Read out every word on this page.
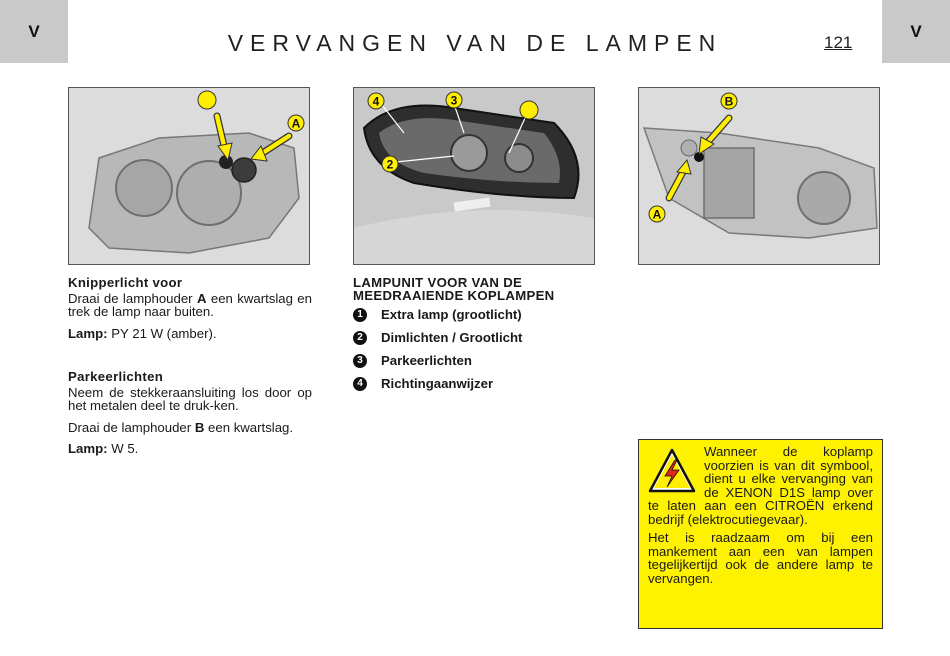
V	VERVANGEN VAN DE LAMPEN	121
V
A
4	3
2
B
A
Knipperlicht voor

Draai de lamphouder A een kwartslag en trek de lamp naar buiten.

Lamp: PY 21 W (amber).

Parkeerlichten

Neem de stekkeraansluiting los door op het metalen deel te druk-ken.

Draai de lamphouder B een kwartslag.

Lamp: W 5.

LAMPUNIT VOOR VAN DE MEEDRAAIENDE KOPLAMPEN
1	Extra lamp (grootlicht)
2	Dimlichten / Grootlicht
3	Parkeerlichten
4	Richtingaanwijzer

Wanneer de koplamp voorzien is van dit symbool, dient u elke vervanging van de XENON D1S lamp over te laten aan een CITROËN erkend bedrijf (elektrocutiegevaar).

Het is raadzaam om bij een mankement aan een van lampen tegelijkertijd ook de andere lamp te vervangen.
